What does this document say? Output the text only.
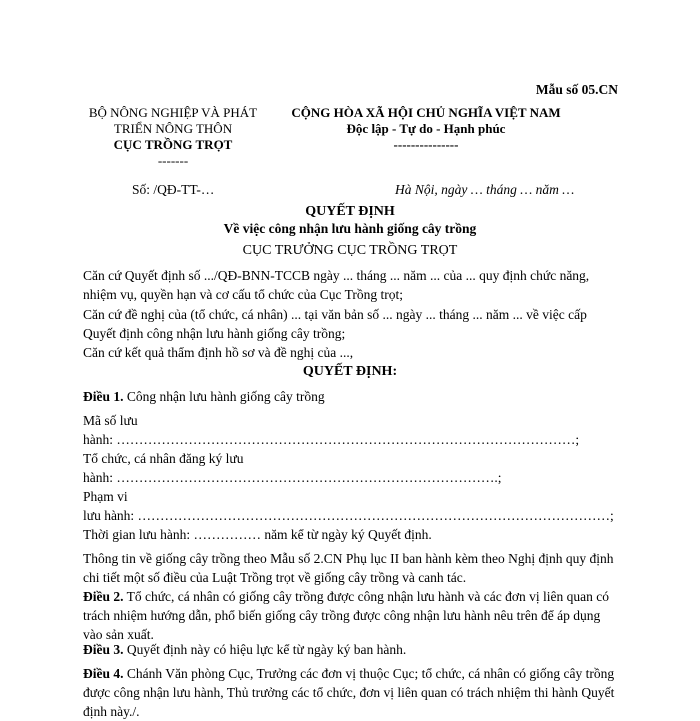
Mẫu số 05.CN
BỘ NÔNG NGHIỆP VÀ PHÁT
TRIỂN NÔNG THÔN
CỤC TRỒNG TRỌT
-------
CỘNG HÒA XÃ HỘI CHỦ NGHĨA VIỆT NAM
Độc lập - Tự do - Hạnh phúc
---------------
Số: /QĐ-TT-…	Hà Nội, ngày … tháng … năm …
QUYẾT ĐỊNH
Về việc công nhận lưu hành giống cây trồng
CỤC TRƯỞNG CỤC TRỒNG TRỌT
Căn cứ Quyết định số .../QĐ-BNN-TCCB ngày ... tháng ... năm ... của ... quy định chức năng, nhiệm vụ, quyền hạn và cơ cấu tổ chức của Cục Trồng trọt;
Căn cứ đề nghị của (tổ chức, cá nhân) ... tại văn bản số ... ngày ... tháng ... năm ... về việc cấp Quyết định công nhận lưu hành giống cây trồng;
Căn cứ kết quả thẩm định hồ sơ và đề nghị của ...,
QUYẾT ĐỊNH:
Điều 1. Công nhận lưu hành giống cây trồng
Mã số lưu
hành: …………………………………………………………………………………………;
Tổ chức, cá nhân đăng ký lưu
hành: ………………………………………………………………………….;
Phạm vi
lưu hành: ……………………………………………………………………………………………;
Thời gian lưu hành: …………… năm kể từ ngày ký Quyết định.
Thông tin về giống cây trồng theo Mẫu số 2.CN Phụ lục II ban hành kèm theo Nghị định quy định chi tiết một số điều của Luật Trồng trọt về giống cây trồng và canh tác.
Điều 2. Tổ chức, cá nhân có giống cây trồng được công nhận lưu hành và các đơn vị liên quan có trách nhiệm hướng dẫn, phổ biến giống cây trồng được công nhận lưu hành nêu trên để áp dụng vào sản xuất.
Điều 3. Quyết định này có hiệu lực kể từ ngày ký ban hành.
Điều 4. Chánh Văn phòng Cục, Trưởng các đơn vị thuộc Cục; tổ chức, cá nhân có giống cây trồng được công nhận lưu hành, Thủ trưởng các tổ chức, đơn vị liên quan có trách nhiệm thi hành Quyết định này./.
